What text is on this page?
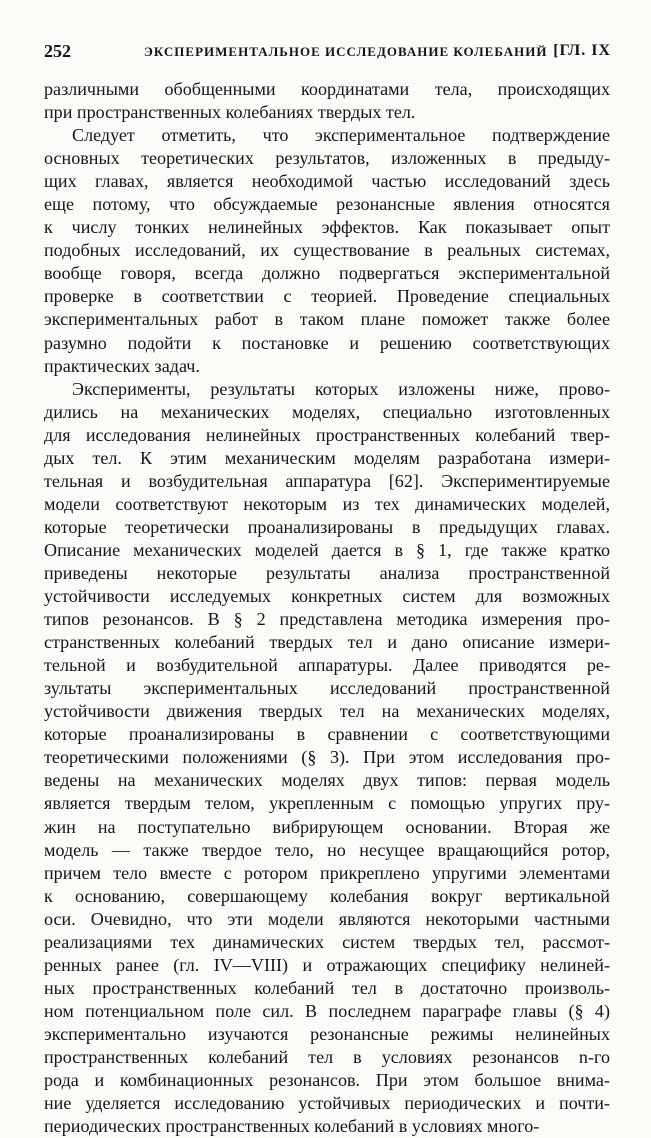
252	ЭКСПЕРИМЕНТАЛЬНОЕ ИССЛЕДОВАНИЕ КОЛЕБАНИЙ [ГЛ. IX
различными обобщенными координатами тела, происходящих
при пространственных колебаниях твердых тел.
Следует отметить, что экспериментальное подтверждение
основных теоретических результатов, изложенных в предыду-
щих главах, является необходимой частью исследований здесь
еще потому, что обсуждаемые резонансные явления относятся
к числу тонких нелинейных эффектов. Как показывает опыт
подобных исследований, их существование в реальных системах,
вообще говоря, всегда должно подвергаться экспериментальной
проверке в соответствии с теорией. Проведение специальных
экспериментальных работ в таком плане поможет также более
разумно подойти к постановке и решению соответствующих
практических задач.
Эксперименты, результаты которых изложены ниже, прово-
дились на механических моделях, специально изготовленных
для исследования нелинейных пространственных колебаний твер-
дых тел. К этим механическим моделям разработана измери-
тельная и возбудительная аппаратура [62]. Экспериментируемые
модели соответствуют некоторым из тех динамических моделей,
которые теоретически проанализированы в предыдущих главах.
Описание механических моделей дается в § 1, где также кратко
приведены некоторые результаты анализа пространственной
устойчивости исследуемых конкретных систем для возможных
типов резонансов. В § 2 представлена методика измерения про-
странственных колебаний твердых тел и дано описание измери-
тельной и возбудительной аппаратуры. Далее приводятся ре-
зультаты экспериментальных исследований пространственной
устойчивости движения твердых тел на механических моделях,
которые проанализированы в сравнении с соответствующими
теоретическими положениями (§ 3). При этом исследования про-
ведены на механических моделях двух типов: первая модель
является твердым телом, укрепленным с помощью упругих пру-
жин на поступательно вибрирующем основании. Вторая же
модель — также твердое тело, но несущее вращающийся ротор,
причем тело вместе с ротором прикреплено упругими элементами
к основанию, совершающему колебания вокруг вертикальной
оси. Очевидно, что эти модели являются некоторыми частными
реализациями тех динамических систем твердых тел, рассмот-
ренных ранее (гл. IV—VIII) и отражающих специфику нелиней-
ных пространственных колебаний тел в достаточно произволь-
ном потенциальном поле сил. В последнем параграфе главы (§ 4)
экспериментально изучаются резонансные режимы нелинейных
пространственных колебаний тел в условиях резонансов n-го
рода и комбинационных резонансов. При этом большое внима-
ние уделяется исследованию устойчивых периодических и почти-
периодических пространственных колебаний в условиях много-
